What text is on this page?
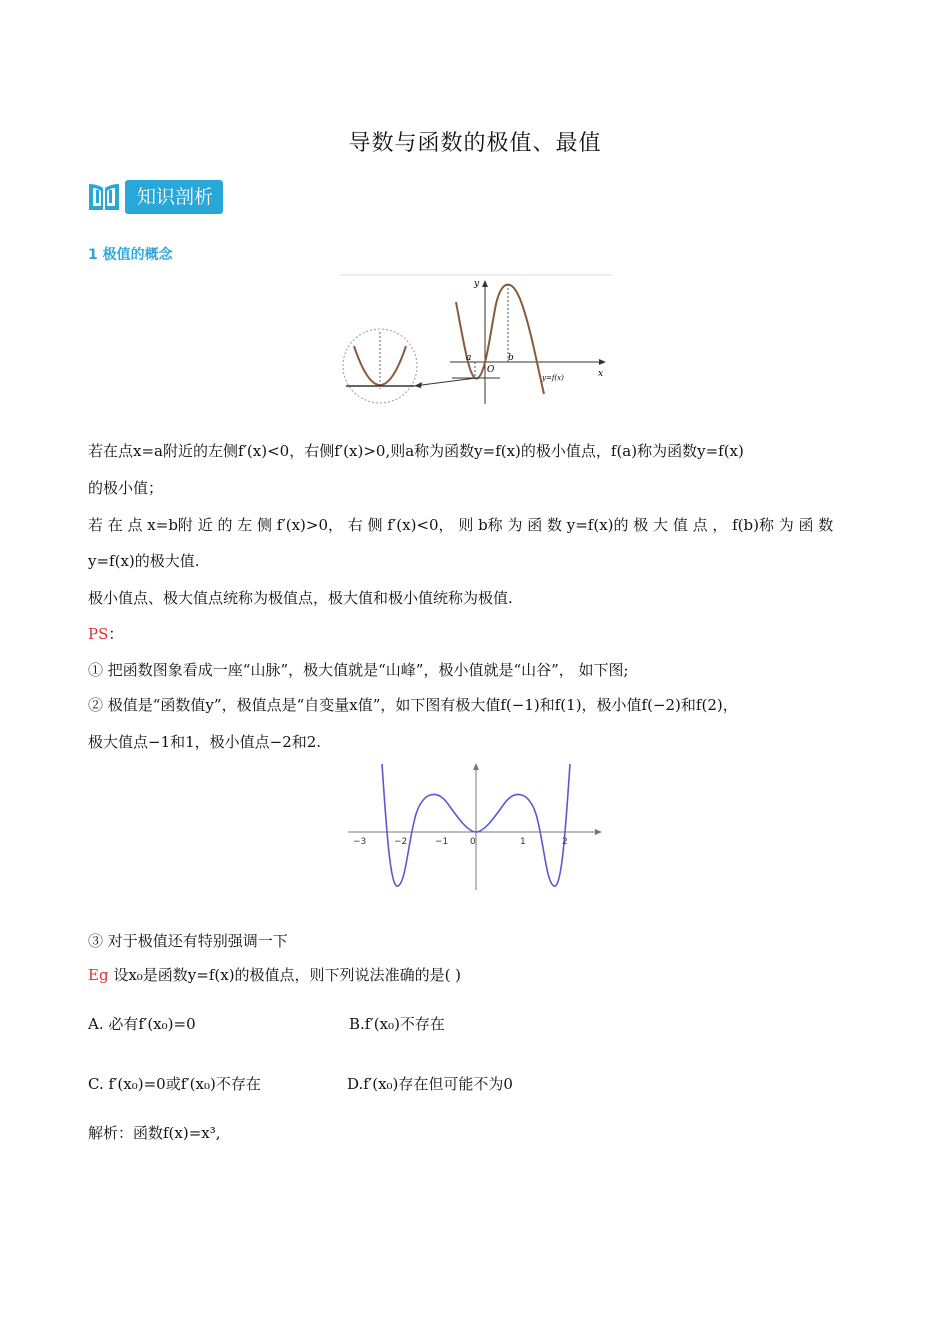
导数与函数的极值、最值
知识剖析
1 极值的概念
y
x
a
O
b
y=f(x)
若在点x=a附近的左侧f′(x)<0，右侧f′(x)>0,则a称为函数y=f(x)的极小值点，f(a)称为函数y=f(x)
的极小值；
若 在 点 x=b附 近 的 左 侧 f′(x)>0， 右 侧 f′(x)<0， 则 b称 为 函 数 y=f(x)的 极 大 值 点 ， f(b)称 为 函 数
y=f(x)的极大值.
极小值点、极大值点统称为极值点，极大值和极小值统称为极值.
PS：
① 把函数图象看成一座“山脉”，极大值就是“山峰”，极小值就是“山谷”， 如下图;
② 极值是“函数值y”，极值点是“自变量x值”，如下图有极大值f(−1)和f(1)，极小值f(−2)和f(2)，
极大值点−1和1，极小值点−2和2.
−3	−2	−1 0	1	2
③ 对于极值还有特别强调一下
Eg 设x₀是函数y=f(x)的极值点，则下列说法准确的是( )
A. 必有f′(x₀)=0	B.f′(x₀)不存在
C. f′(x₀)=0或f′(x₀)不存在	D.f′(x₀)存在但可能不为0
解析：函数f(x)=x³,
